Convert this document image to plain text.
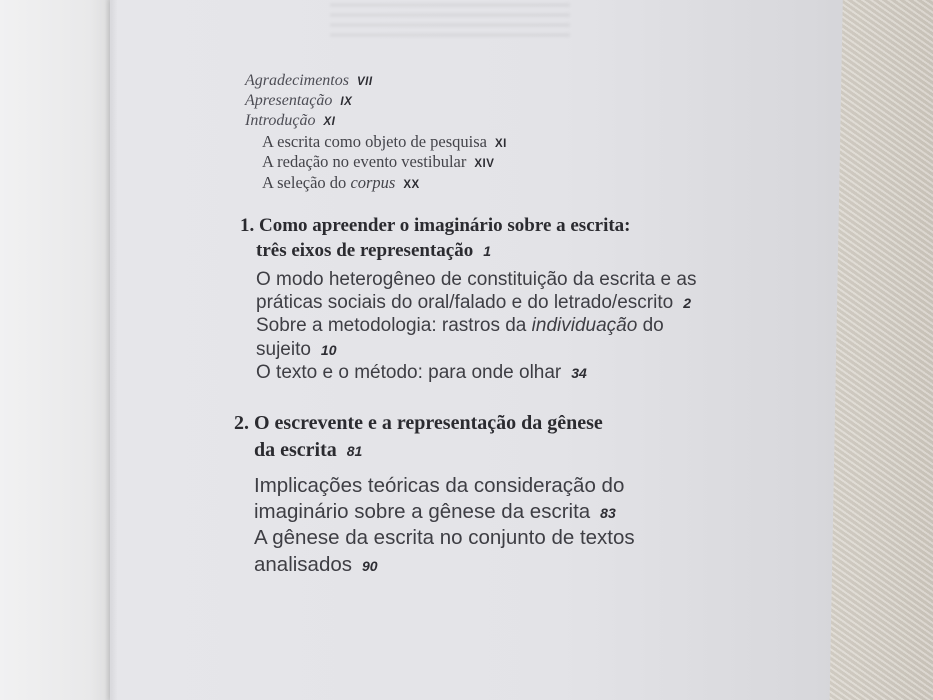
Agradecimentos VII
Apresentação IX
Introdução XI
A escrita como objeto de pesquisa XI
A redação no evento vestibular XIV
A seleção do corpus XX
1. Como apreender o imaginário sobre a escrita:
três eixos de representação 1
O modo heterogêneo de constituição da escrita e as
práticas sociais do oral/falado e do letrado/escrito 2
Sobre a metodologia: rastros da individuação do
sujeito 10
O texto e o método: para onde olhar 34
2. O escrevente e a representação da gênese
da escrita 81
Implicações teóricas da consideração do
imaginário sobre a gênese da escrita 83
A gênese da escrita no conjunto de textos
analisados 90
